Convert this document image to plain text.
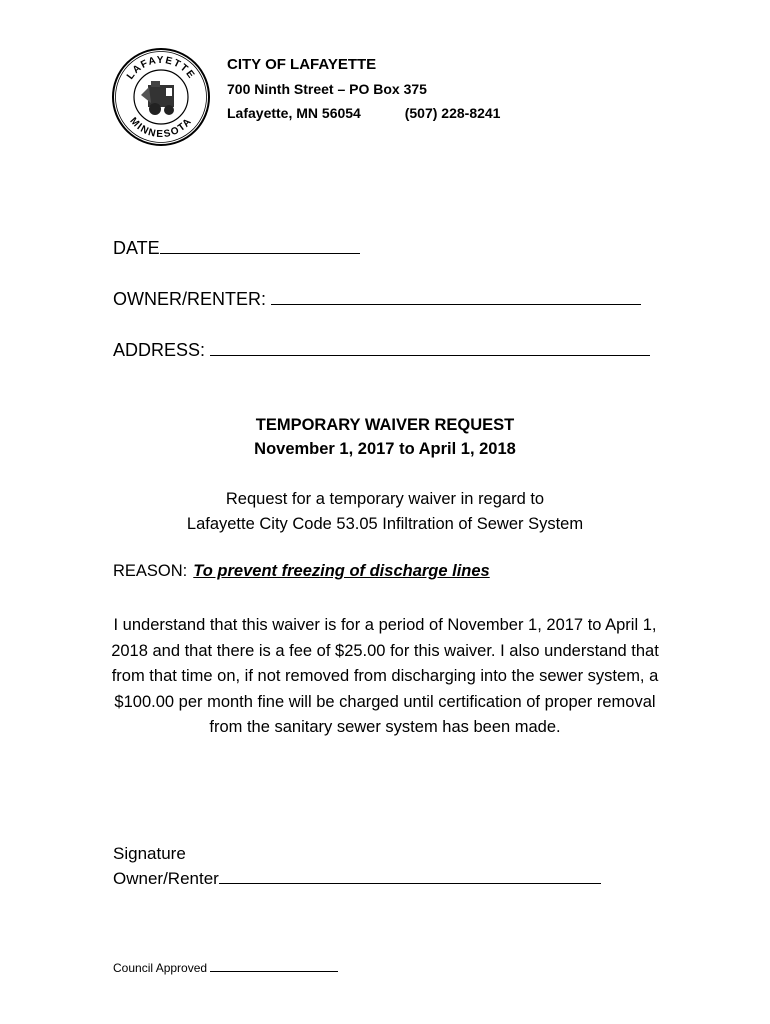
LAFAYETTE
MINNESOTA
CITY OF LAFAYETTE
700 Ninth Street – PO Box 375
Lafayette, MN 56054	(507) 228-8241
DATE
OWNER/RENTER:
ADDRESS:
TEMPORARY WAIVER REQUEST
November 1, 2017 to April 1, 2018
Request for a temporary waiver in regard to
Lafayette City Code 53.05 Infiltration of Sewer System
REASON: To prevent freezing of discharge lines
I understand that this waiver is for a period of November 1, 2017 to April 1, 2018 and that there is a fee of $25.00 for this waiver. I also understand that from that time on, if not removed from discharging into the sewer system, a $100.00 per month fine will be charged until certification of proper removal from the sanitary sewer system has been made.
Signature
Owner/Renter
Council Approved
